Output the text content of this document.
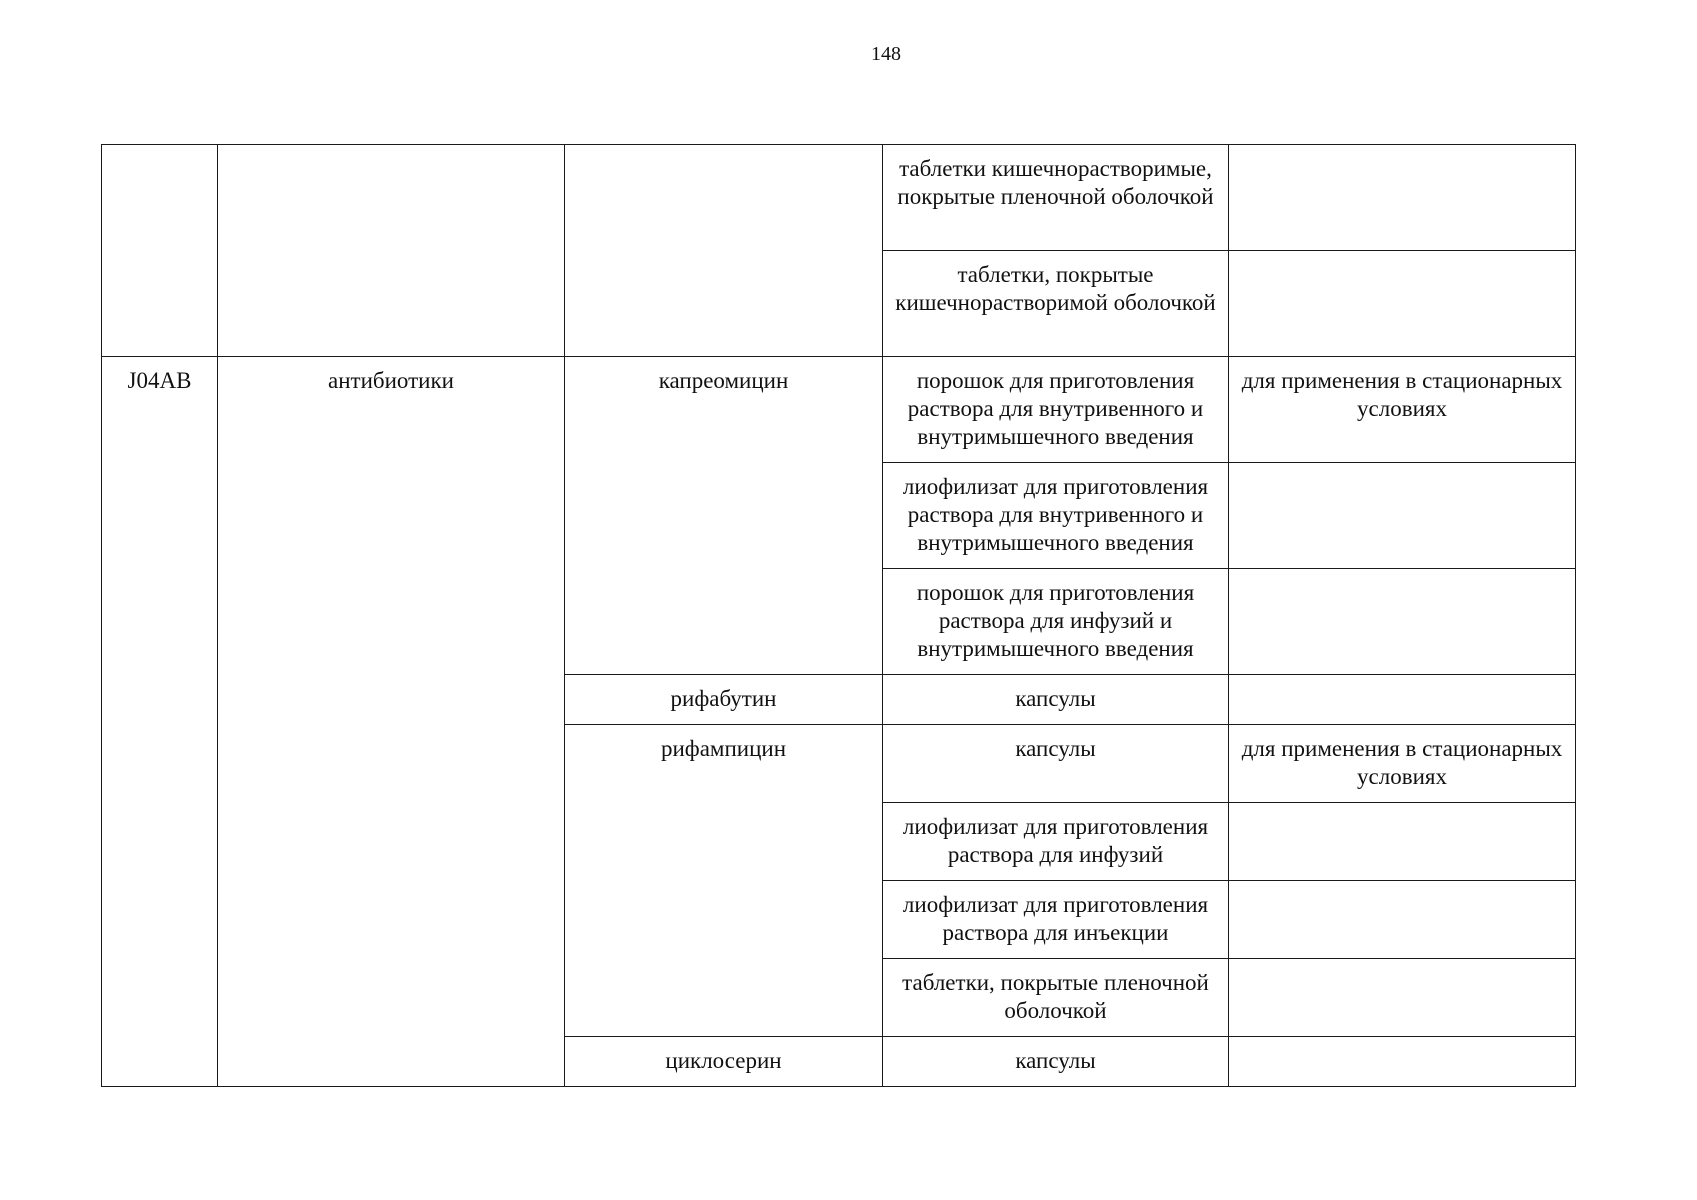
148
			таблетки кишечнорастворимые, покрытые пленочной оболочкой	
			таблетки, покрытые кишечнорастворимой оболочкой	
J04AB	антибиотики	капреомицин	порошок для приготовления раствора для внутривенного и внутримышечного введения	для применения в стационарных условиях
			лиофилизат для приготовления раствора для внутривенного и внутримышечного введения	
			порошок для приготовления раствора для инфузий и внутримышечного введения	
		рифабутин	капсулы	
		рифампицин	капсулы	для применения в стационарных условиях
			лиофилизат для приготовления раствора для инфузий	
			лиофилизат для приготовления раствора для инъекции	
			таблетки, покрытые пленочной оболочкой	
		циклосерин	капсулы	
